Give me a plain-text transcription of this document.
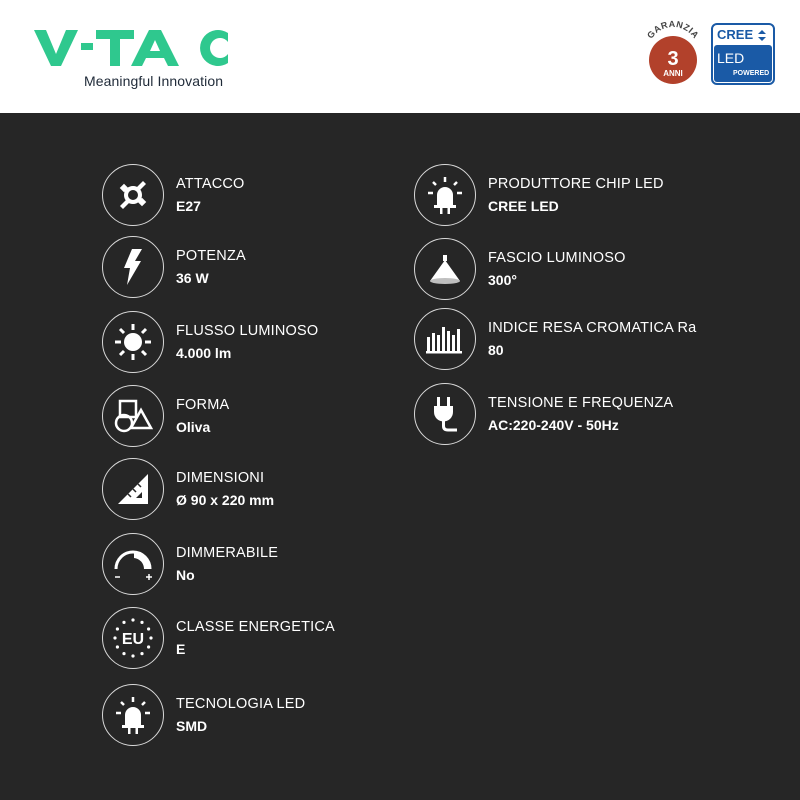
Meaningful Innovation
GARANZIA
3
ANNI
CREE
LED
POWERED
ATTACCO
E27
POTENZA
36 W
FLUSSO LUMINOSO
4.000 lm
FORMA
Oliva
DIMENSIONI
Ø 90 x 220 mm
DIMMERABILE
No
EU
CLASSE ENERGETICA
E
TECNOLOGIA LED
SMD
PRODUTTORE CHIP LED
CREE LED
FASCIO LUMINOSO
300°
INDICE RESA CROMATICA Ra
80
TENSIONE E FREQUENZA
AC:220-240V - 50Hz
